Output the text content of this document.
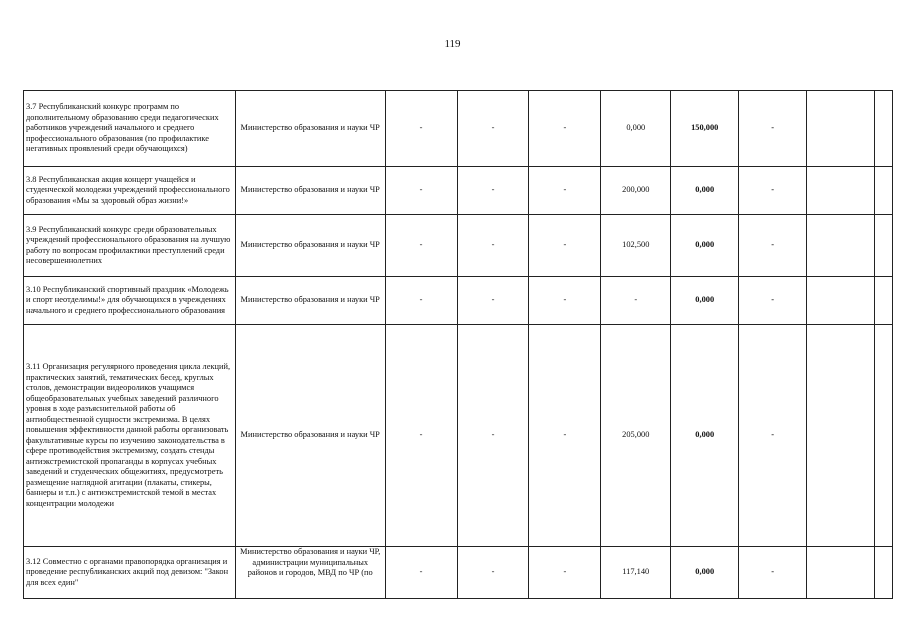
119
3.7 Республиканский конкурс программ по дополнительному образованию среди педагогических работников учреждений начального и среднего профессионального образования (по профилактике негативных проявлений среди обучающихся)	Министерство образования и науки ЧР	-	-	-	0,000	150,000	-		
3.8 Республиканская акция концерт учащейся и студенческой молодежи учреждений профессионального образования «Мы за здоровый образ жизни!»	Министерство образования и науки ЧР	-	-	-	200,000	0,000	-		
3.9 Республиканский конкурс среди образовательных учреждений профессионального образования на лучшую работу по вопросам профилактики преступлений среди несовершеннолетних	Министерство образования и науки ЧР	-	-	-	102,500	0,000	-		
3.10 Республиканский спортивный праздник «Молодежь и спорт неотделимы!» для обучающихся в учреждениях начального и среднего профессионального образования	Министерство образования и науки ЧР	-	-	-	-	0,000	-		
3.11 Организация регулярного проведения цикла лекций, практических занятий, тематических бесед, круглых столов, демонстрации видеороликов учащимся общеобразовательных учебных заведений различного уровня в ходе разъяснительной работы об антиобщественной сущности экстремизма. В целях повышения эффективности данной работы организовать факультативные курсы по изучению законодательства в сфере противодействия экстремизму, создать стенды антиэкстремистской пропаганды в корпусах учебных заведений и студенческих общежитиях, предусмотреть размещение наглядной агитации (плакаты, стикеры, баннеры и т.п.) с антиэкстремистской темой в местах концентрации молодежи	Министерство образования и науки ЧР	-	-	-	205,000	0,000	-		
3.12 Совместно с органами правопорядка организация и проведение республиканских акций под девизом: "Закон для всех един"	Министерство образования и науки ЧР, администрации муниципальных районов и городов, МВД по ЧР (по	-	-	-	117,140	0,000	-		
